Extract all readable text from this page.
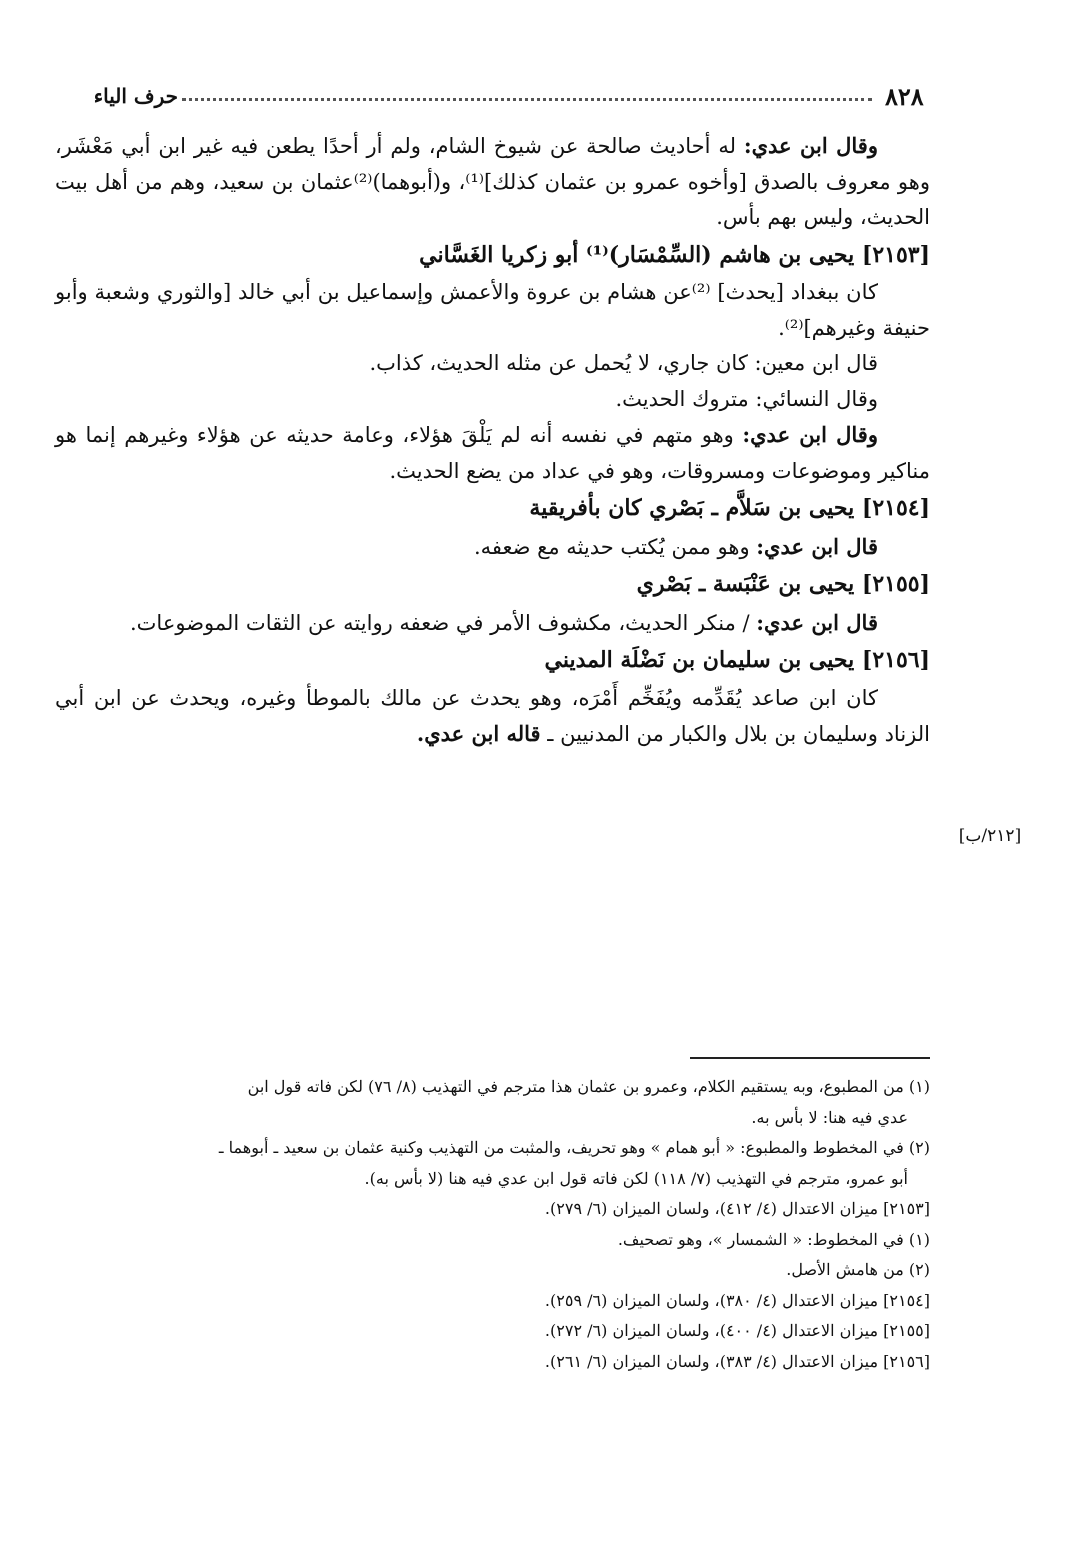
٨٢٨
حرف الياء
[٢١٢/ب]

وقال ابن عدي: له أحاديث صالحة عن شيوخ الشام، ولم أر أحدًا يطعن فيه غير ابن أبي مَعْشَر، وهو معروف بالصدق [وأخوه عمرو بن عثمان كذلك]⁽¹⁾، و(أبوهما)⁽²⁾عثمان بن سعيد، وهم من أهل بيت الحديث، وليس بهم بأس.

[٢١٥٣] يحيى بن هاشم (السِّمْسَار)⁽¹⁾ أبو زكريا الغَسَّاني

كان ببغداد [يحدث] ⁽²⁾عن هشام بن عروة والأعمش وإسماعيل بن أبي خالد [والثوري وشعبة وأبو حنيفة وغيرهم]⁽²⁾.

قال ابن معين: كان جاري، لا يُحمل عن مثله الحديث، كذاب.

وقال النسائي: متروك الحديث.

وقال ابن عدي: وهو متهم في نفسه أنه لم يَلْقَ هؤلاء، وعامة حديثه عن هؤلاء وغيرهم إنما هو مناكير وموضوعات ومسروقات، وهو في عداد من يضع الحديث.

[٢١٥٤] يحيى بن سَلاَّم ـ بَصْري كان بأفريقية

قال ابن عدي: وهو ممن يُكتب حديثه مع ضعفه.

[٢١٥٥] يحيى بن عَنْبَسة ـ بَصْري

قال ابن عدي: / منكر الحديث، مكشوف الأمر في ضعفه روايته عن الثقات الموضوعات.

[٢١٥٦] يحيى بن سليمان بن نَضْلَة المديني

كان ابن صاعد يُقَدِّمه ويُفَخِّم أَمْرَه، وهو يحدث عن مالك بالموطأ وغيره، ويحدث عن ابن أبي الزناد وسليمان بن بلال والكبار من المدنيين ـ قاله ابن عدي.

(١) من المطبوع، وبه يستقيم الكلام، وعمرو بن عثمان هذا مترجم في التهذيب (٨/ ٧٦) لكن فاته قول ابن

عدي فيه هنا: لا بأس به.

(٢) في المخطوط والمطبوع: « أبو همام » وهو تحريف، والمثبت من التهذيب وكنية عثمان بن سعيد ـ أبوهما ـ

أبو عمرو، مترجم في التهذيب (٧/ ١١٨) لكن فاته قول ابن عدي فيه هنا (لا بأس به).

[٢١٥٣] ميزان الاعتدال (٤/ ٤١٢)، ولسان الميزان (٦/ ٢٧٩).

(١) في المخطوط: « الشمسار »، وهو تصحيف.

(٢) من هامش الأصل.

[٢١٥٤] ميزان الاعتدال (٤/ ٣٨٠)، ولسان الميزان (٦/ ٢٥٩).

[٢١٥٥] ميزان الاعتدال (٤/ ٤٠٠)، ولسان الميزان (٦/ ٢٧٢).

[٢١٥٦] ميزان الاعتدال (٤/ ٣٨٣)، ولسان الميزان (٦/ ٢٦١).
